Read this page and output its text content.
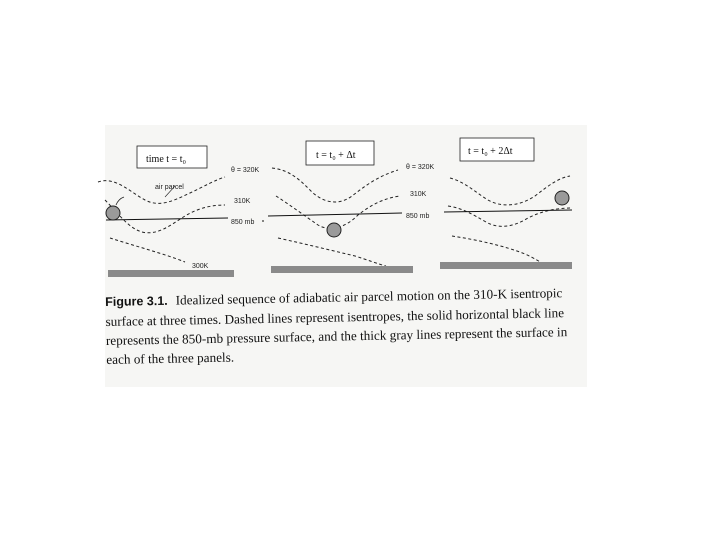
time t = t₀
θ = 320K
air parcel
310K
850 mb
300K
t = t₀ + Δt
θ = 320K
310K
850 mb
t = t₀ + 2Δt
Figure 3.1. Idealized sequence of adiabatic air parcel motion on the 310-K isentropic surface at three times. Dashed lines represent isentropes, the solid horizontal black line represents the 850-mb pressure surface, and the thick gray lines represent the surface in each of the three panels.
